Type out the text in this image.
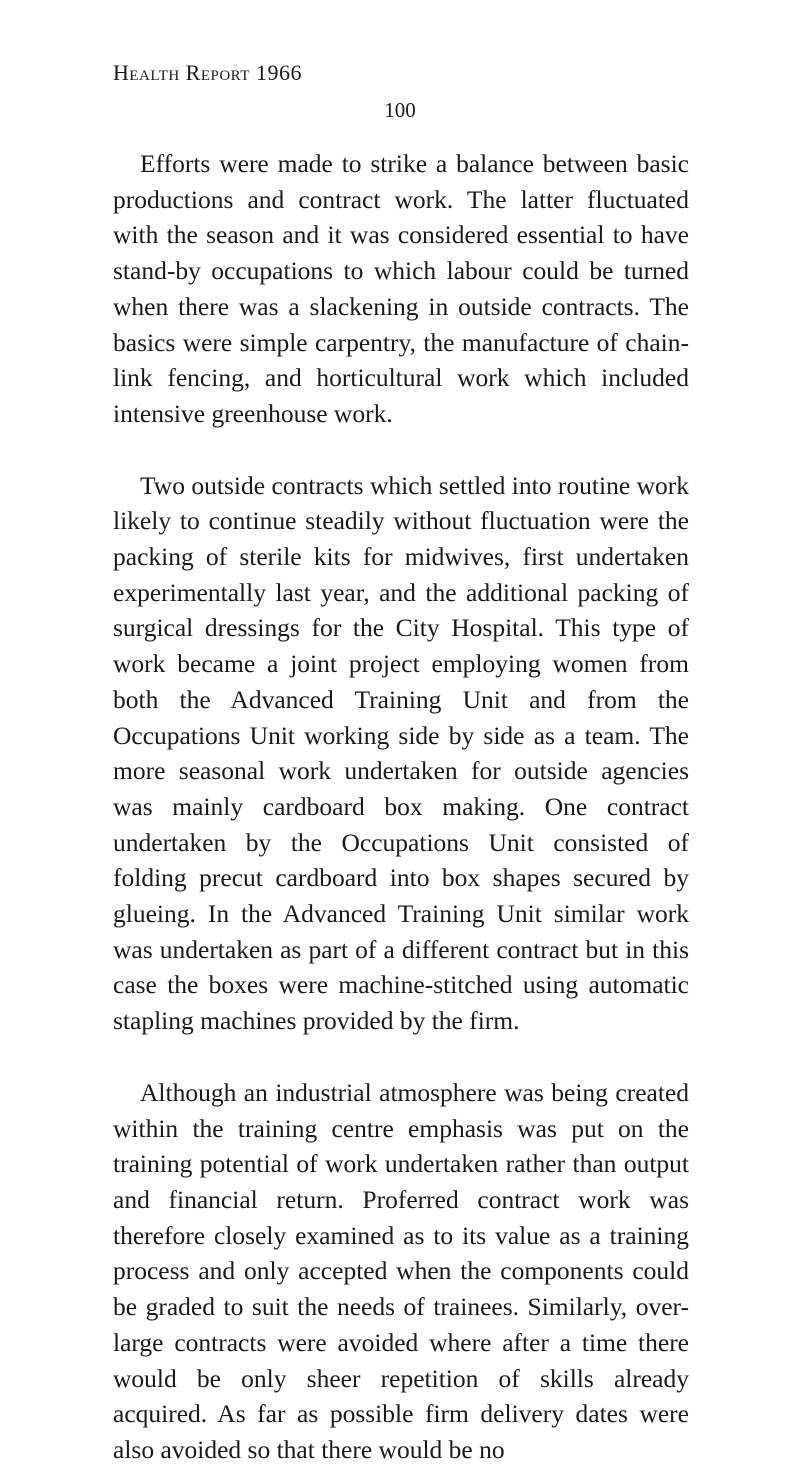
Health Report 1966
100

Efforts were made to strike a balance between basic productions and contract work. The latter fluctuated with the season and it was considered essential to have stand-by occupations to which labour could be turned when there was a slackening in outside contracts. The basics were simple carpentry, the manufacture of chain-link fencing, and horticultural work which included intensive greenhouse work.

Two outside contracts which settled into routine work likely to continue steadily without fluctuation were the packing of sterile kits for midwives, first undertaken experimentally last year, and the additional packing of surgical dressings for the City Hospital. This type of work became a joint project employing women from both the Advanced Training Unit and from the Occupations Unit working side by side as a team. The more seasonal work undertaken for outside agencies was mainly cardboard box making. One contract undertaken by the Occupations Unit consisted of folding precut cardboard into box shapes secured by glueing. In the Advanced Training Unit similar work was undertaken as part of a different contract but in this case the boxes were machine-stitched using automatic stapling machines provided by the firm.

Although an industrial atmosphere was being created within the training centre emphasis was put on the training potential of work undertaken rather than output and financial return. Proferred contract work was therefore closely examined as to its value as a training process and only accepted when the components could be graded to suit the needs of trainees. Similarly, over-large contracts were avoided where after a time there would be only sheer repetition of skills already acquired. As far as possible firm delivery dates were also avoided so that there would be no
